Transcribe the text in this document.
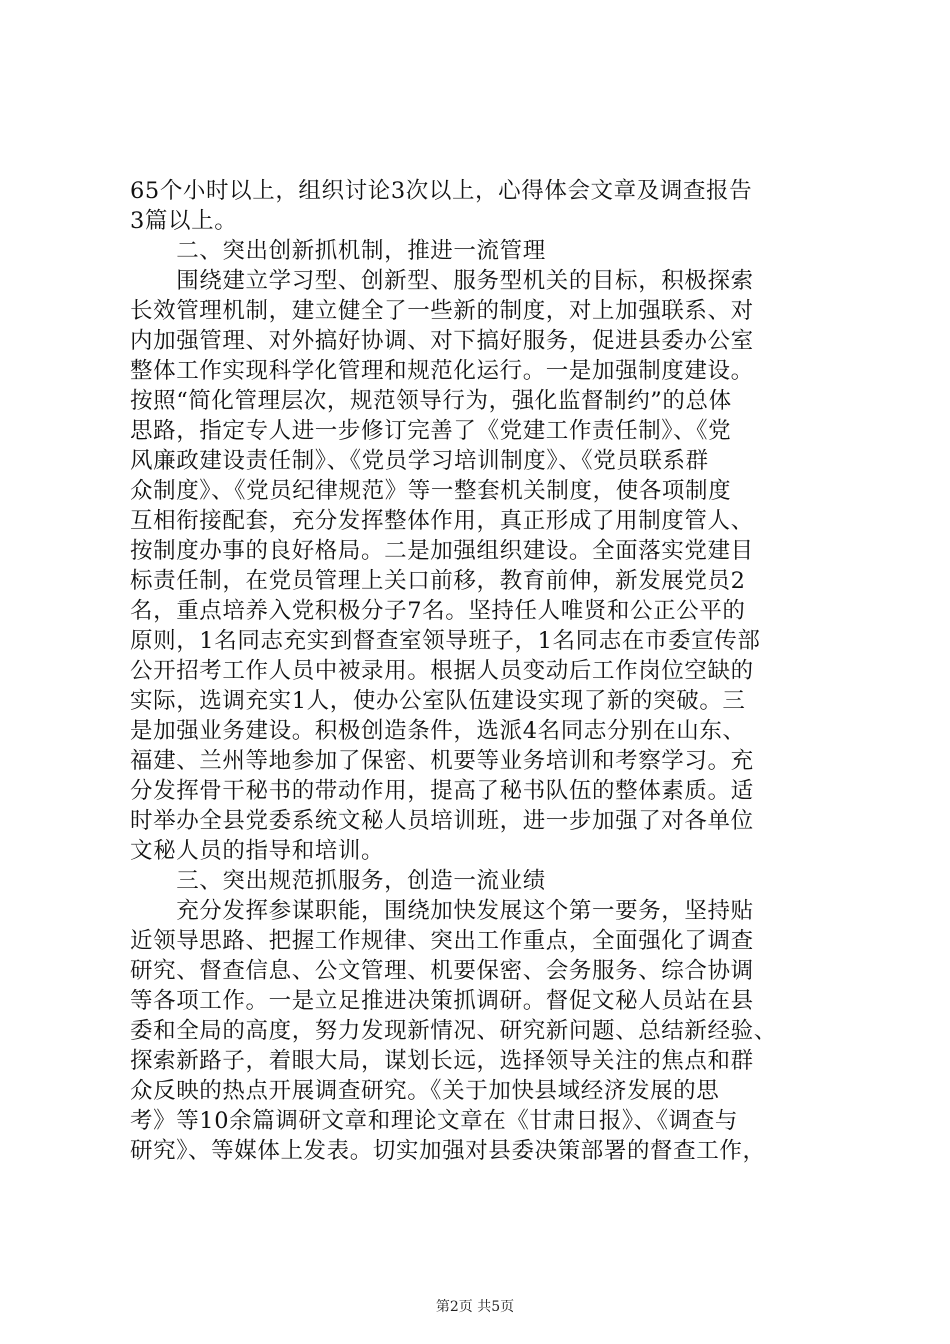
65个小时以上，组织讨论3次以上，心得体会文章及调查报告
3篇以上。
　　二、突出创新抓机制，推进一流管理
　　围绕建立学习型、创新型、服务型机关的目标，积极探索
长效管理机制，建立健全了一些新的制度，对上加强联系、对
内加强管理、对外搞好协调、对下搞好服务，促进县委办公室
整体工作实现科学化管理和规范化运行。一是加强制度建设。
按照“简化管理层次，规范领导行为，强化监督制约”的总体
思路，指定专人进一步修订完善了《党建工作责任制》、《党
风廉政建设责任制》、《党员学习培训制度》、《党员联系群
众制度》、《党员纪律规范》等一整套机关制度，使各项制度
互相衔接配套，充分发挥整体作用，真正形成了用制度管人、
按制度办事的良好格局。二是加强组织建设。全面落实党建目
标责任制，在党员管理上关口前移，教育前伸，新发展党员2
名，重点培养入党积极分子7名。坚持任人唯贤和公正公平的
原则，1名同志充实到督查室领导班子，1名同志在市委宣传部
公开招考工作人员中被录用。根据人员变动后工作岗位空缺的
实际，选调充实1人，使办公室队伍建设实现了新的突破。三
是加强业务建设。积极创造条件，选派4名同志分别在山东、
福建、兰州等地参加了保密、机要等业务培训和考察学习。充
分发挥骨干秘书的带动作用，提高了秘书队伍的整体素质。适
时举办全县党委系统文秘人员培训班，进一步加强了对各单位
文秘人员的指导和培训。
　　三、突出规范抓服务，创造一流业绩
　　充分发挥参谋职能，围绕加快发展这个第一要务，坚持贴
近领导思路、把握工作规律、突出工作重点，全面强化了调查
研究、督查信息、公文管理、机要保密、会务服务、综合协调
等各项工作。一是立足推进决策抓调研。督促文秘人员站在县
委和全局的高度，努力发现新情况、研究新问题、总结新经验、
探索新路子，着眼大局，谋划长远，选择领导关注的焦点和群
众反映的热点开展调查研究。《关于加快县域经济发展的思
考》等10余篇调研文章和理论文章在《甘肃日报》、《调查与
研究》、等媒体上发表。切实加强对县委决策部署的督查工作，
第2页 共5页
